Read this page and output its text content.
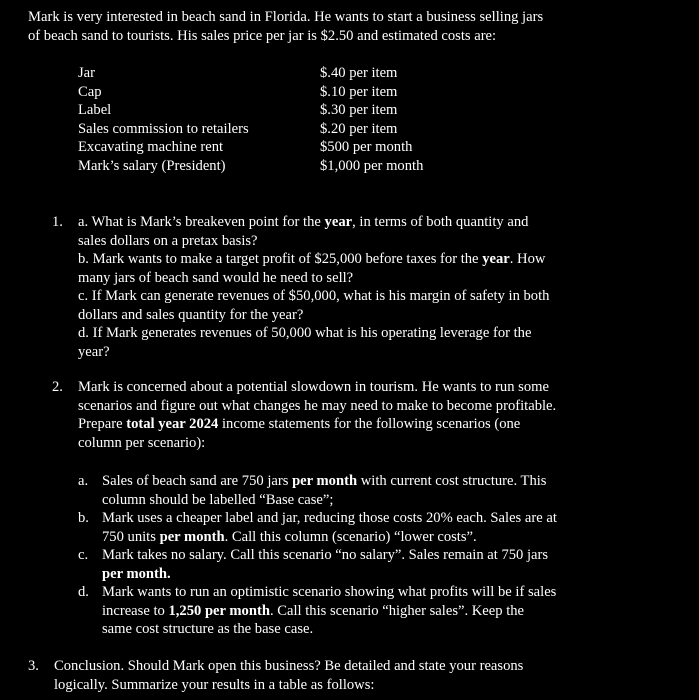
Mark is very interested in beach sand in Florida. He wants to start a business selling jars

of beach sand to tourists. His sales price per jar is $2.50 and estimated costs are:

Jar	$.40 per item
Cap	$.10 per item
Label	$.30 per item
Sales commission to retailers	$.20 per item
Excavating machine rent	$500 per month
Mark’s salary (President)	$1,000 per month
1. a. What is Mark’s breakeven point for the year, in terms of both quantity and
sales dollars on a pretax basis?
b. Mark wants to make a target profit of $25,000 before taxes for the year. How
many jars of beach sand would he need to sell?
c. If Mark can generate revenues of $50,000, what is his margin of safety in both
dollars and sales quantity for the year?
d. If Mark generates revenues of 50,000 what is his operating leverage for the
year?
2. Mark is concerned about a potential slowdown in tourism. He wants to run some
scenarios and figure out what changes he may need to make to become profitable.
Prepare total year 2024 income statements for the following scenarios (one
column per scenario):
a. Sales of beach sand are 750 jars per month with current cost structure. This
column should be labelled “Base case”;
b. Mark uses a cheaper label and jar, reducing those costs 20% each. Sales are at
750 units per month. Call this column (scenario) “lower costs”.
c. Mark takes no salary. Call this scenario “no salary”. Sales remain at 750 jars
per month.
d. Mark wants to run an optimistic scenario showing what profits will be if sales
increase to 1,250 per month. Call this scenario “higher sales”. Keep the
same cost structure as the base case.
3. Conclusion. Should Mark open this business? Be detailed and state your reasons
logically. Summarize your results in a table as follows:
